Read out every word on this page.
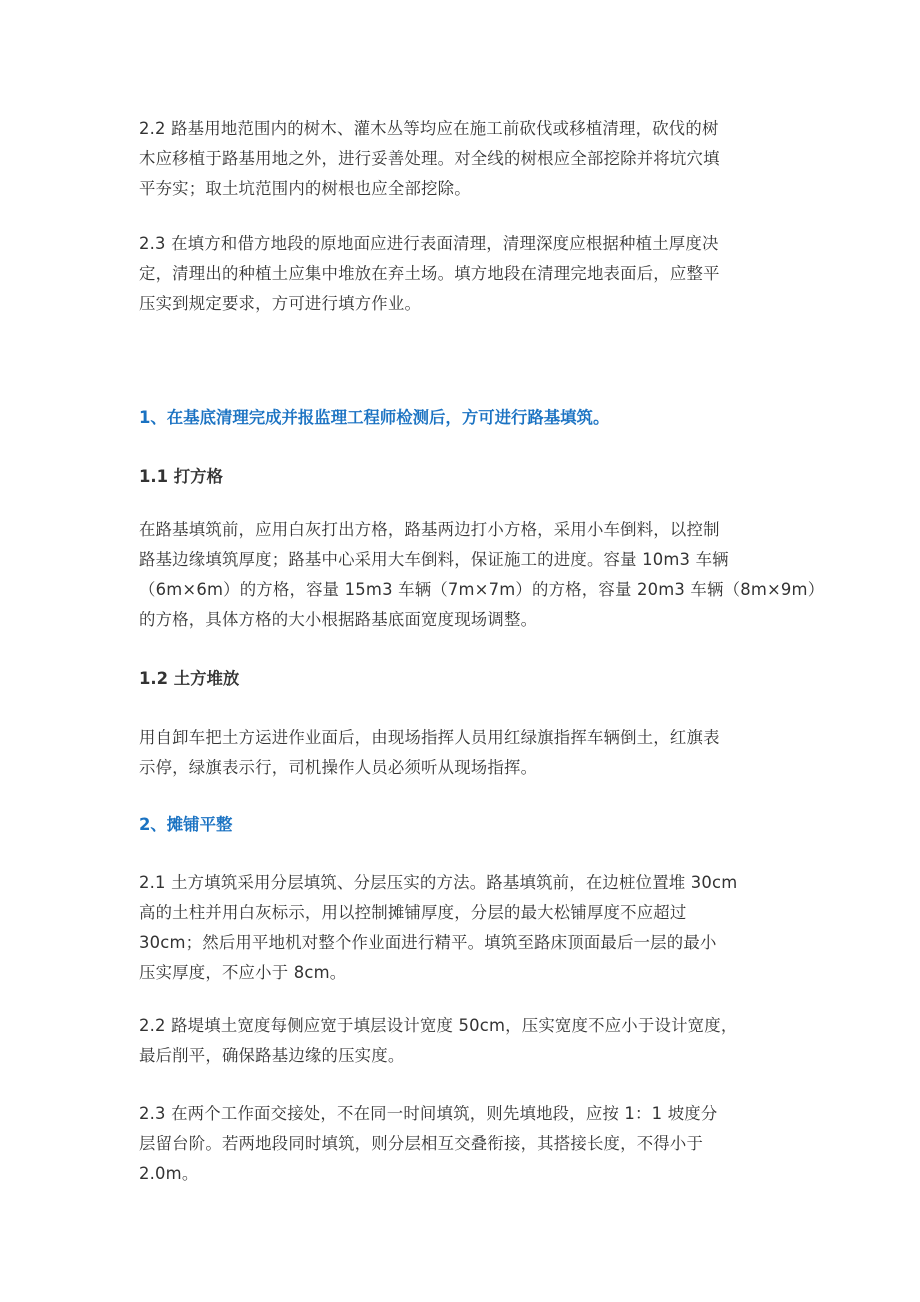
2.2 路基用地范围内的树木、灌木丛等均应在施工前砍伐或移植清理，砍伐的树
木应移植于路基用地之外，进行妥善处理。对全线的树根应全部挖除并将坑穴填
平夯实；取土坑范围内的树根也应全部挖除。

2.3 在填方和借方地段的原地面应进行表面清理，清理深度应根据种植土厚度决
定，清理出的种植土应集中堆放在弃土场。填方地段在清理完地表面后，应整平
压实到规定要求，方可进行填方作业。

1、在基底清理完成并报监理工程师检测后，方可进行路基填筑。
1.1 打方格

在路基填筑前，应用白灰打出方格，路基两边打小方格，采用小车倒料，以控制
路基边缘填筑厚度；路基中心采用大车倒料，保证施工的进度。容量 10m3 车辆
（6m×6m）的方格，容量 15m3 车辆（7m×7m）的方格，容量 20m3 车辆（8m×9m）
的方格，具体方格的大小根据路基底面宽度现场调整。

1.2 土方堆放

用自卸车把土方运进作业面后，由现场指挥人员用红绿旗指挥车辆倒土，红旗表
示停，绿旗表示行，司机操作人员必须听从现场指挥。

2、摊铺平整

2.1 土方填筑采用分层填筑、分层压实的方法。路基填筑前，在边桩位置堆 30cm
高的土柱并用白灰标示，用以控制摊铺厚度，分层的最大松铺厚度不应超过
30cm；然后用平地机对整个作业面进行精平。填筑至路床顶面最后一层的最小
压实厚度，不应小于 8cm。

2.2 路堤填土宽度每侧应宽于填层设计宽度 50cm，压实宽度不应小于设计宽度，
最后削平，确保路基边缘的压实度。

2.3 在两个工作面交接处，不在同一时间填筑，则先填地段，应按 1：1 坡度分
层留台阶。若两地段同时填筑，则分层相互交叠衔接，其搭接长度，不得小于
2.0m。
